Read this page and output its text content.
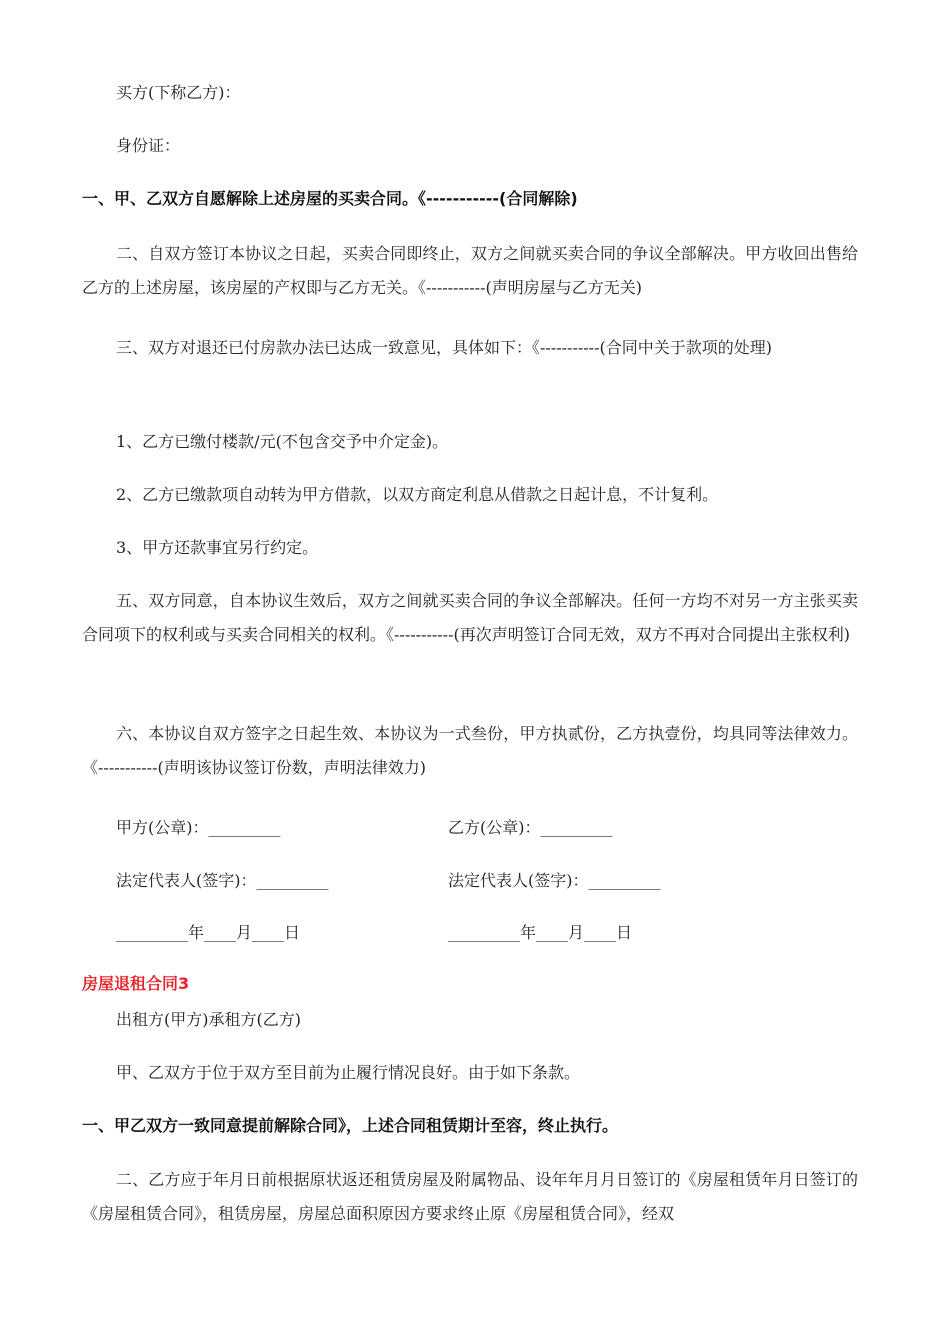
买方(下称乙方)：

身份证：

一、甲、乙双方自愿解除上述房屋的买卖合同。《-----------(合同解除)

二、自双方签订本协议之日起，买卖合同即终止，双方之间就买卖合同的争议全部解决。甲方收回出售给乙方的上述房屋，该房屋的产权即与乙方无关。《-----------(声明房屋与乙方无关)

三、双方对退还已付房款办法已达成一致意见，具体如下：《-----------(合同中关于款项的处理)

1、乙方已缴付楼款/元(不包含交予中介定金)。

2、乙方已缴款项自动转为甲方借款，以双方商定利息从借款之日起计息，不计复利。

3、甲方还款事宜另行约定。

五、双方同意，自本协议生效后，双方之间就买卖合同的争议全部解决。任何一方均不对另一方主张买卖合同项下的权利或与买卖合同相关的权利。《-----------(再次声明签订合同无效，双方不再对合同提出主张权利)

六、本协议自双方签字之日起生效、本协议为一式叁份，甲方执贰份，乙方执壹份，均具同等法律效力。《-----------(声明该协议签订份数，声明法律效力)

甲方(公章)：_________	乙方(公章)：_________

法定代表人(签字)：_________	法定代表人(签字)：_________

_________年____月____日	_________年____月____日

房屋退租合同3

出租方(甲方)承租方(乙方)

甲、乙双方于位于双方至目前为止履行情况良好。由于如下条款。

一、甲乙双方一致同意提前解除合同》，上述合同租赁期计至容，终止执行。

二、乙方应于年月日前根据原状返还租赁房屋及附属物品、设年年月月日签订的《房屋租赁年月日签订的《房屋租赁合同》，租赁房屋，房屋总面积原因方要求终止原《房屋租赁合同》，经双
